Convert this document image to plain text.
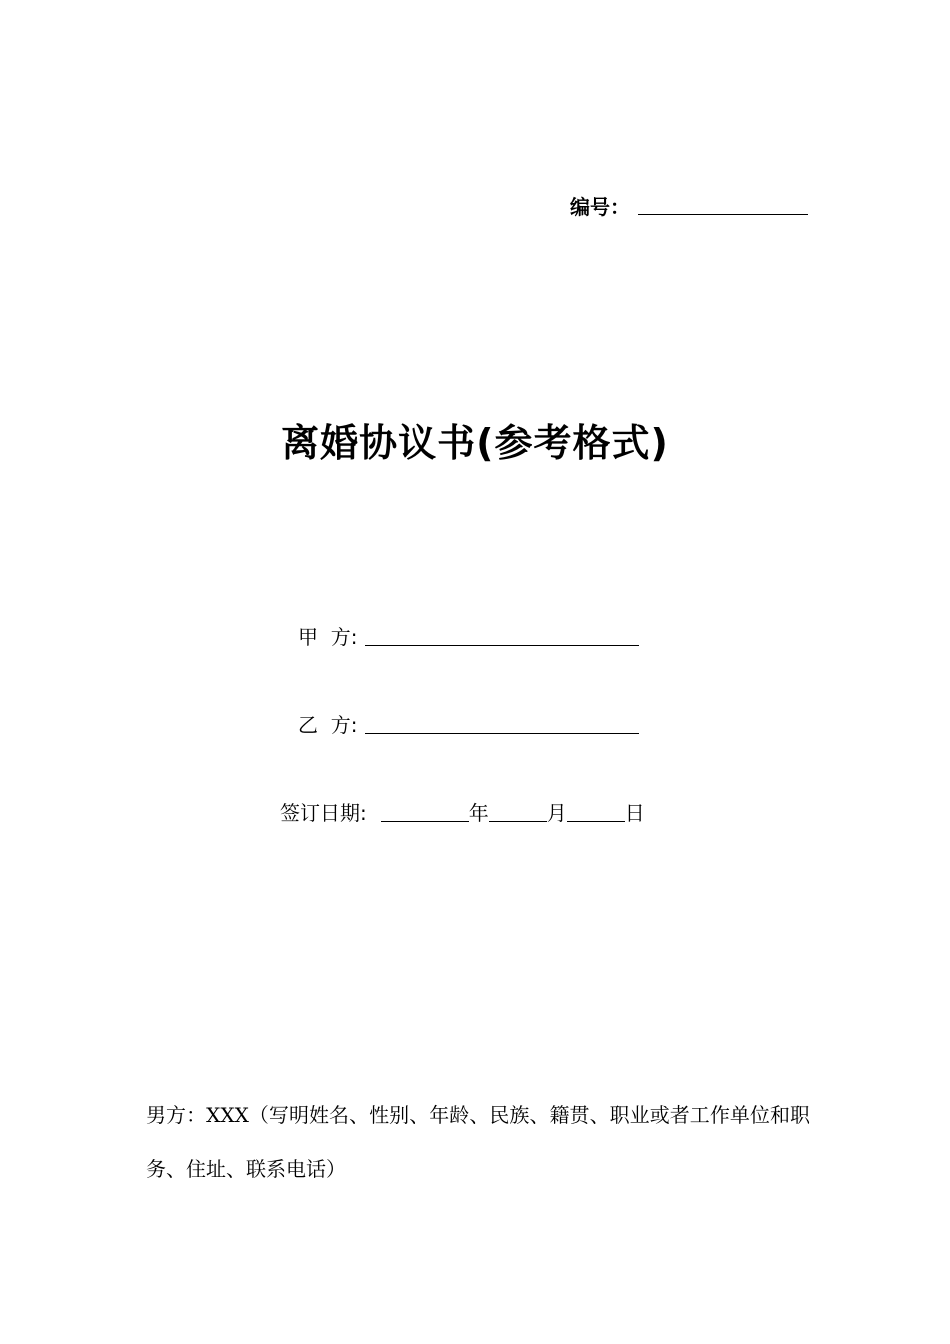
编号：
离婚协议书(参考格式)
甲  方:
乙  方:
签订日期:	年	月	日

男方：XXX（写明姓名、性别、年龄、民族、籍贯、职业或者工作单位和职务、住址、联系电话）
